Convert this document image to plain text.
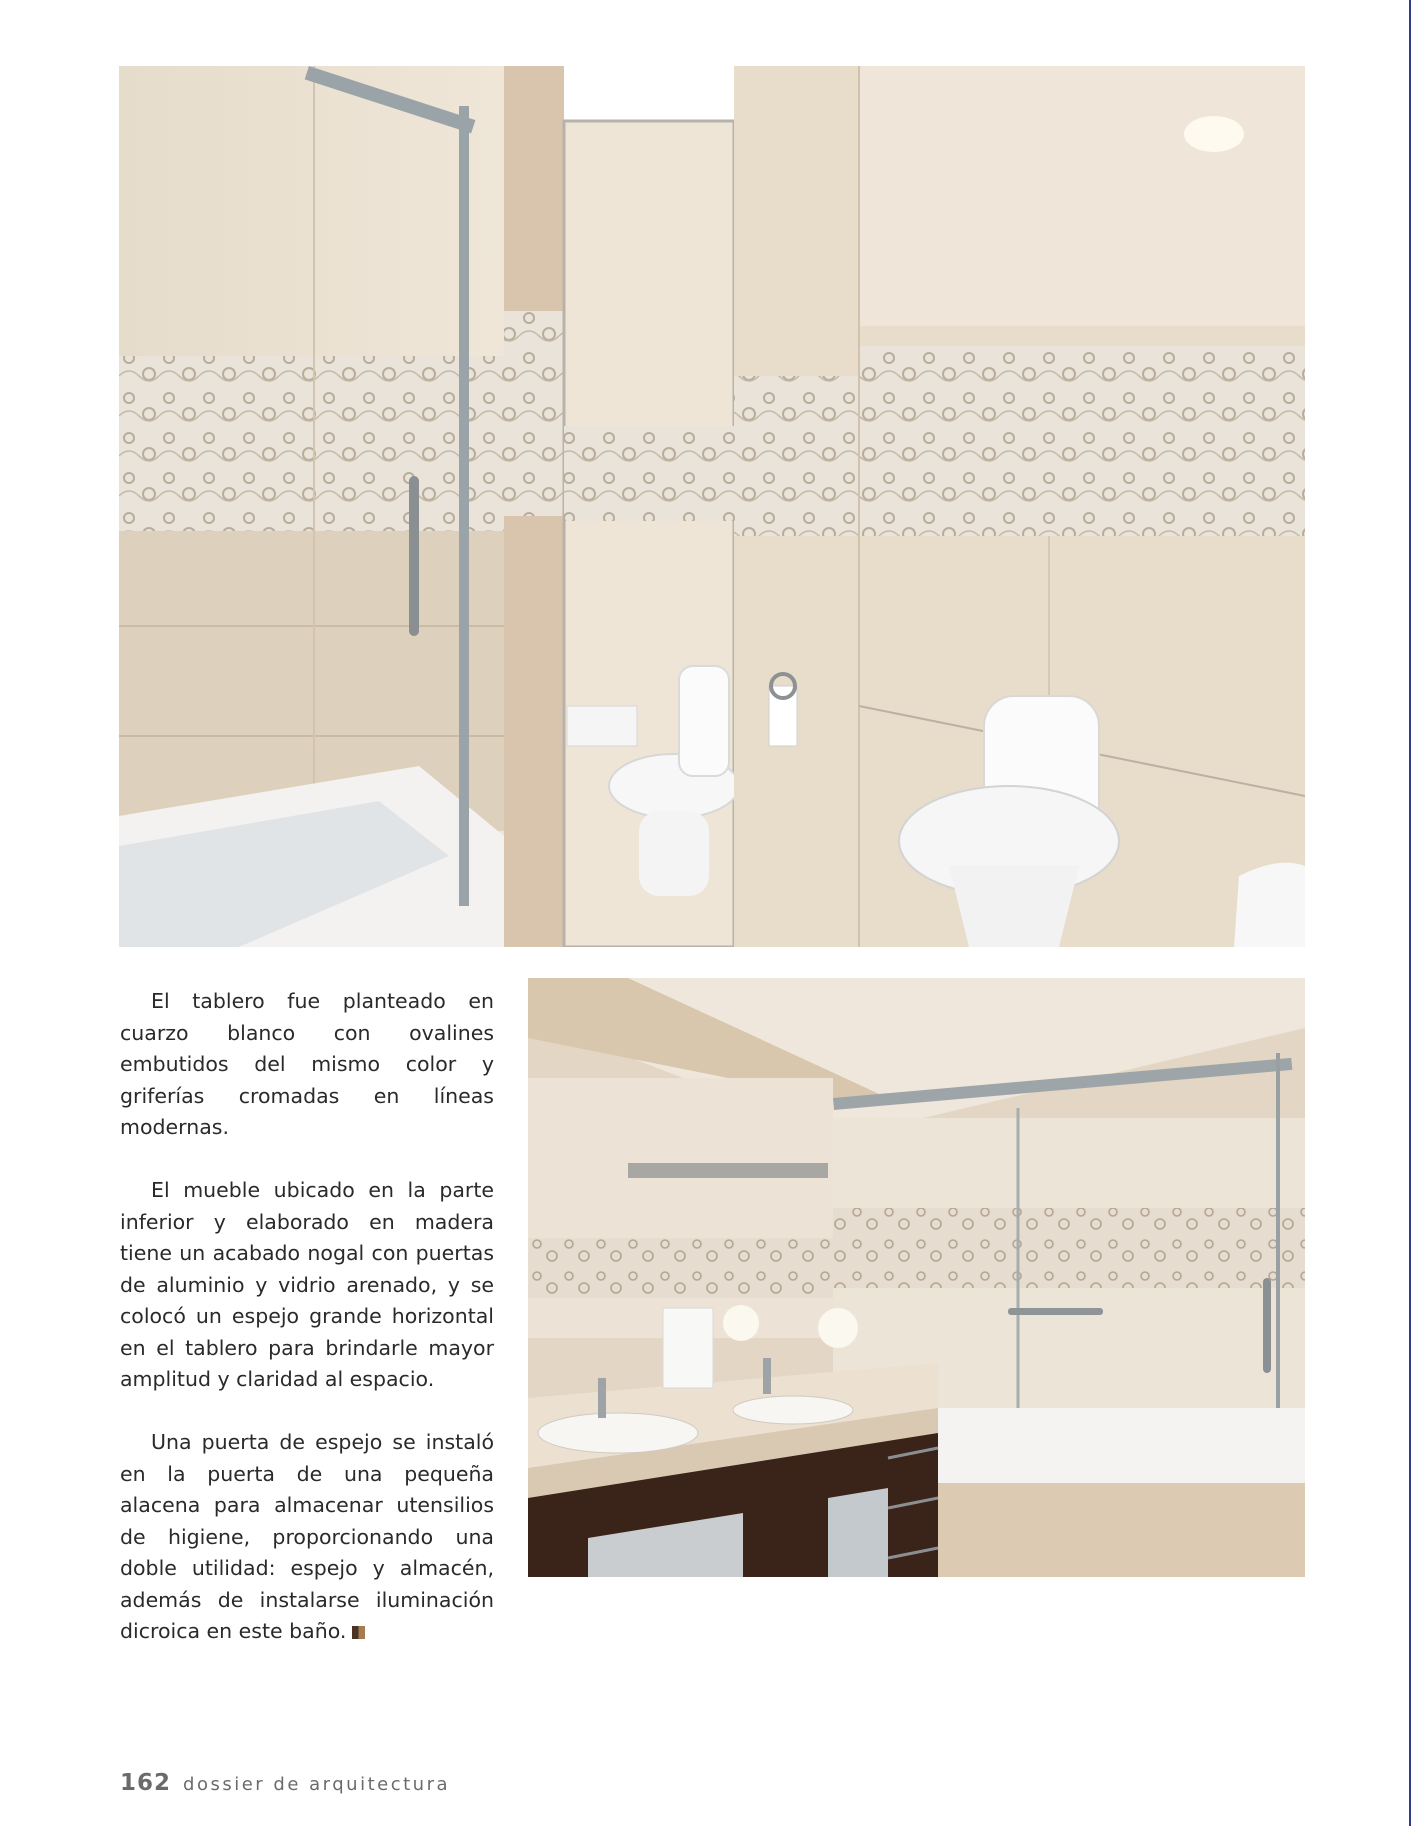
El tablero fue planteado en cuarzo blanco con ovalines embutidos del mismo color y griferías cromadas en líneas modernas.

El mueble ubicado en la parte inferior y elaborado en madera tiene un acabado nogal con puertas de aluminio y vidrio arenado, y se colocó un espejo grande horizontal en el tablero para brindarle mayor amplitud y claridad al espacio.

Una puerta de espejo se instaló en la puerta de una pequeña alacena para almacenar utensilios de higiene, proporcionando una doble utilidad: espejo y almacén, además de instalarse iluminación dicroica en este baño.

162 dossier de arquitectura
